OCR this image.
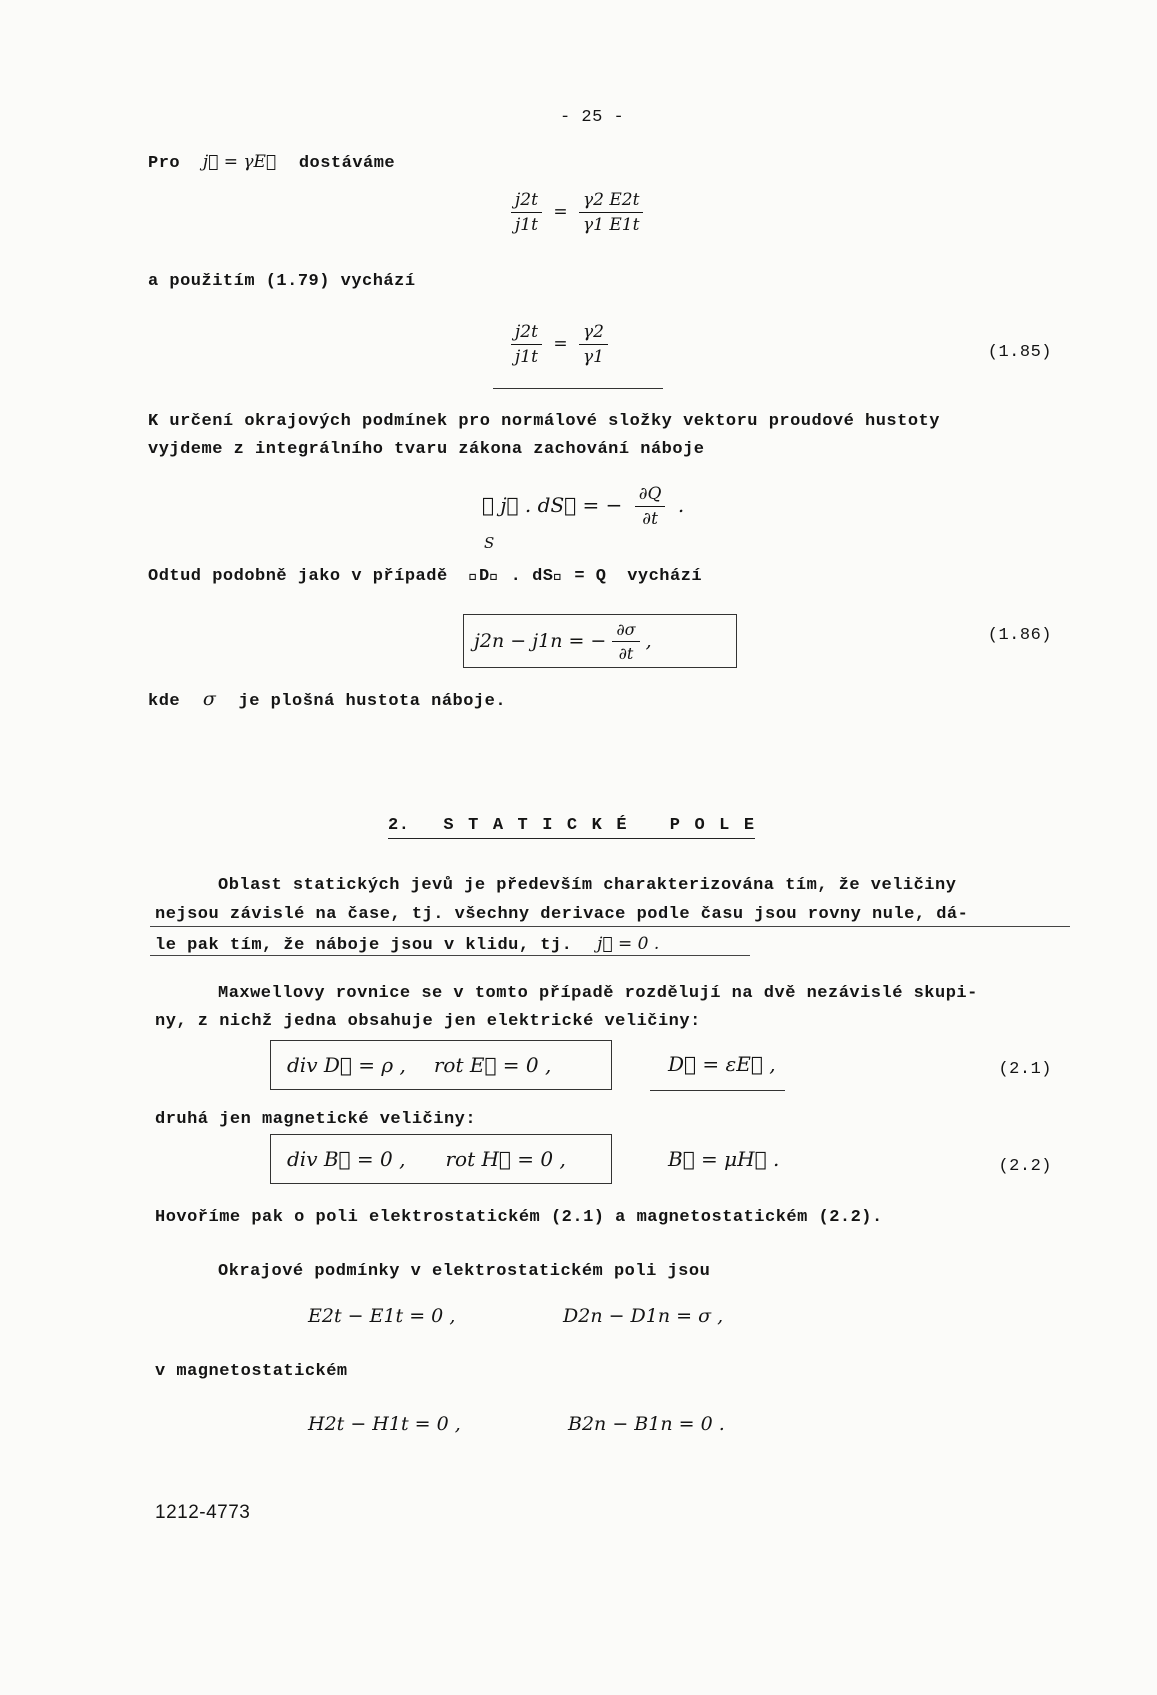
- 25 -
Pro j⃗ = γE⃗ dostáváme
$\frac{j2t}{j1t} = \frac{\gamma 2 E2t}{\gamma 1 E1t}$
a použitím (1.79) vychází
$\frac{j2t}{j1t} = \frac{\gamma 2}{\gamma 1}$	(1.85)
K určení okrajových podmínek pro normálové složky vektoru proudové hustoty
vyjdeme z integrálního tvaru zákona zachování náboje
∮ j⃗ . dS⃗ = − $\frac{\partial Q}{\partial t}$ .
S
Odtud podobně jako v případě ∮D⃗ . dS⃗ = Q vychází
j2n − j1n = − $\frac{\partial\sigma}{\partial t}$ ,	(1.86)
kde σ je plošná hustota náboje.
2. S T A T I C K É	P O L E
Oblast statických jevů je především charakterizována tím, že veličiny
nejsou závislé na čase, tj. všechny derivace podle času jsou rovny nule, dá-
le pak tím, že náboje jsou v klidu, tj. j⃗ = 0 .
Maxwellovy rovnice se v tomto případě rozdělují na dvě nezávislé skupi-
ny, z nichž jedna obsahuje jen elektrické veličiny:
div D⃗ = ρ , rot E⃗ = 0 ,	D⃗ = εE⃗ ,	(2.1)
druhá jen magnetické veličiny:
div B⃗ = 0 , rot H⃗ = 0 ,	B⃗ = μH⃗ .	(2.2)
Hovoříme pak o poli elektrostatickém (2.1) a magnetostatickém (2.2).
Okrajové podmínky v elektrostatickém poli jsou
E2t − E1t = 0 ,	D2n − D1n = σ ,
v magnetostatickém
H2t − H1t = 0 ,	B2n − B1n = 0 .
1212-4773
